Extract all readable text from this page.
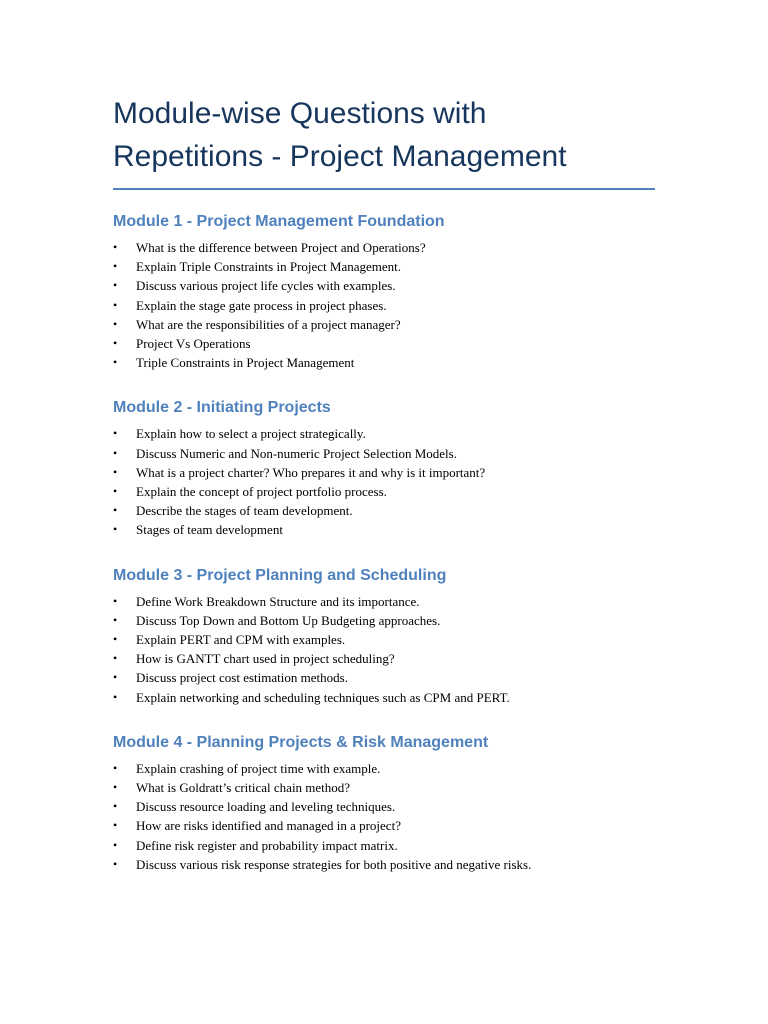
Module-wise Questions with
Repetitions - Project Management
Module 1 - Project Management Foundation
• What is the difference between Project and Operations?
• Explain Triple Constraints in Project Management.
• Discuss various project life cycles with examples.
• Explain the stage gate process in project phases.
• What are the responsibilities of a project manager?
• Project Vs Operations
• Triple Constraints in Project Management
Module 2 - Initiating Projects
• Explain how to select a project strategically.
• Discuss Numeric and Non-numeric Project Selection Models.
• What is a project charter? Who prepares it and why is it important?
• Explain the concept of project portfolio process.
• Describe the stages of team development.
• Stages of team development
Module 3 - Project Planning and Scheduling
• Define Work Breakdown Structure and its importance.
• Discuss Top Down and Bottom Up Budgeting approaches.
• Explain PERT and CPM with examples.
• How is GANTT chart used in project scheduling?
• Discuss project cost estimation methods.
• Explain networking and scheduling techniques such as CPM and PERT.
Module 4 - Planning Projects & Risk Management
• Explain crashing of project time with example.
• What is Goldratt’s critical chain method?
• Discuss resource loading and leveling techniques.
• How are risks identified and managed in a project?
• Define risk register and probability impact matrix.
• Discuss various risk response strategies for both positive and negative risks.
